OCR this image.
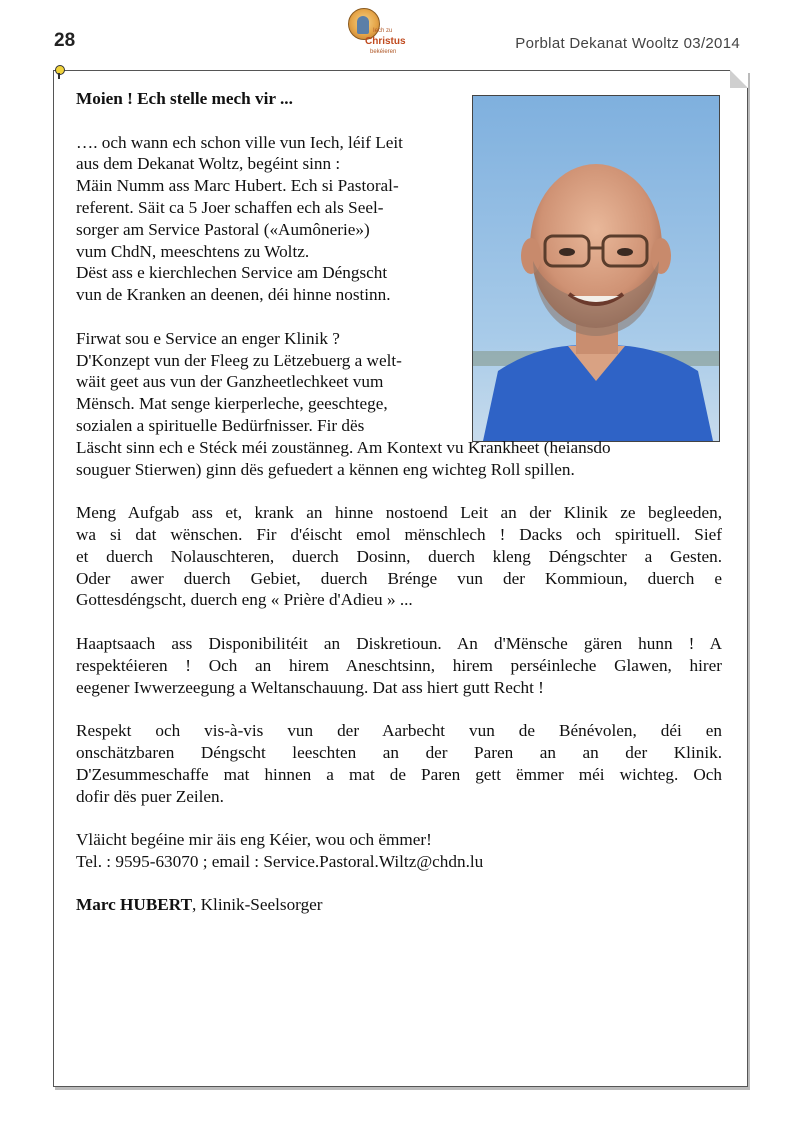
28	Iech zu
Christus
bekéieren	Porblat Dekanat Wooltz 03/2014
Moien ! Ech stelle mech vir ...

…. och wann ech schon ville vun Iech, léif Leit
aus dem Dekanat Woltz, begéint sinn :
Mäin Numm ass Marc Hubert. Ech si Pastoral-
referent. Säit ca 5 Joer schaffen ech als Seel-
sorger am Service Pastoral («Aumônerie»)
vum ChdN, meeschtens zu Woltz.
Dëst ass e kierchlechen Service am Déngscht
vun de Kranken an deenen, déi hinne nostinn.

Firwat sou e Service an enger Klinik ?
D'Konzept vun der Fleeg zu Lëtzebuerg a welt-
wäit geet aus vun der Ganzheetlechkeet vum
Mënsch. Mat senge kierperleche, geeschtege,
sozialen a spirituelle Bedürfnisser. Fir dës
Läscht sinn ech e Stéck méi zoustänneg. Am Kontext vu Krankheet (heiansdo
souguer Stierwen) ginn dës gefuedert a kënnen eng wichteg Roll spillen.

Meng Aufgab ass et, krank an hinne nostoend Leit an der Klinik ze begleeden,
wa si dat wënschen. Fir d'éischt emol mënschlech ! Dacks och spirituell. Sief
et duerch Nolauschteren, duerch Dosinn, duerch kleng Déngschter a Gesten.
Oder awer duerch Gebiet, duerch Brénge vun der Kommioun, duerch e
Gottesdéngscht, duerch eng « Prière d'Adieu » ...

Haaptsaach ass Disponibilitéit an Diskretioun. An d'Mënsche gären hunn ! A
respektéieren ! Och an hirem Aneschtsinn, hirem perséinleche Glawen, hirer
eegener Iwwerzeegung a Weltanschauung. Dat ass hiert gutt Recht !

Respekt och vis-à-vis vun der Aarbecht vun de Bénévolen, déi en
onschätzbaren Déngscht leeschten an der Paren an an der Klinik.
D'Zesummeschaffe mat hinnen a mat de Paren gett ëmmer méi wichteg. Och
dofir dës puer Zeilen.

Vläicht begéine mir äis eng Kéier, wou och ëmmer!
Tel. : 9595-63070 ; email : Service.Pastoral.Wiltz@chdn.lu

Marc HUBERT, Klinik-Seelsorger
